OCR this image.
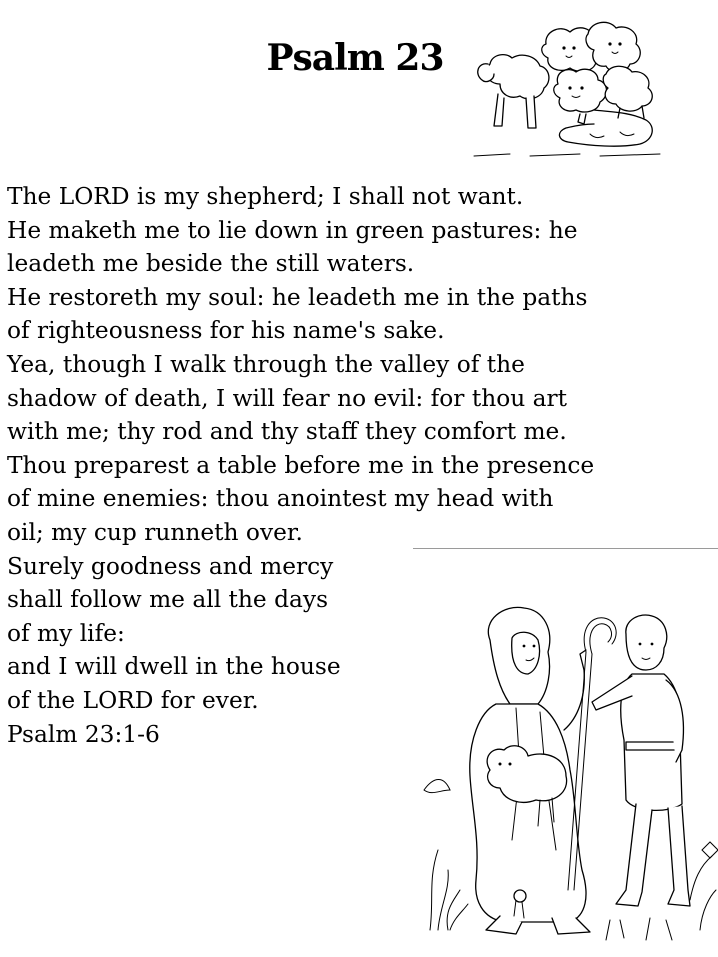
Psalm 23
The LORD is my shepherd; I shall not want.
He maketh me to lie down in green pastures: he
leadeth me beside the still waters.
He restoreth my soul: he leadeth me in the paths
of righteousness for his name's sake.
Yea, though I walk through the valley of the
shadow of death, I will fear no evil: for thou art
with me; thy rod and thy staff they comfort me.
Thou preparest a table before me in the presence
of mine enemies: thou anointest my head with
oil; my cup runneth over.
Surely goodness and mercy
shall follow me all the days
of my life:
and I will dwell in the house
of the LORD for ever.
Psalm 23:1-6
